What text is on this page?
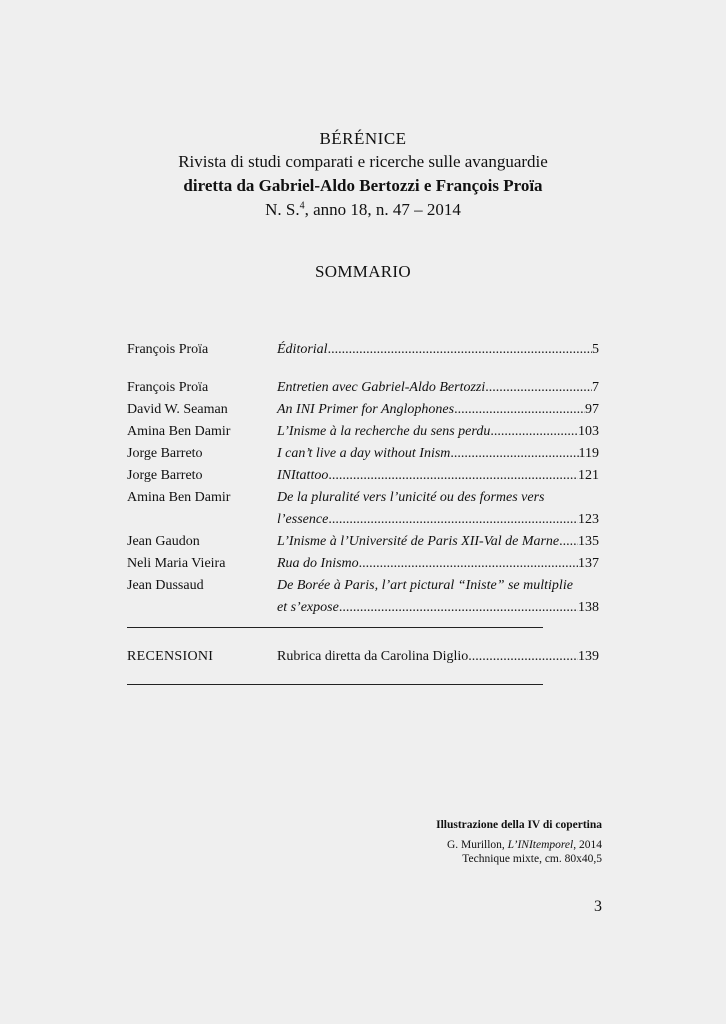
BÉRÉNICE
Rivista di studi comparati e ricerche sulle avanguardie
diretta da Gabriel-Aldo Bertozzi e François Proïa
N. S.$^4$, anno 18, n. 47 – 2014
SOMMARIO
François Proïa	Éditorial .....	5
François Proïa	Entretien avec Gabriel-Aldo Bertozzi .....	7
David W. Seaman	An INI Primer for Anglophones .....	97
Amina Ben Damir	L’Inisme à la recherche du sens perdu .....	103
Jorge Barreto	I can’t live a day without Inism .....	119
Jorge Barreto	INItattoo .....	121
Amina Ben Damir	De la pluralité vers l’unicité ou des formes vers
l’essence .....	123
Jean Gaudon	L’Inisme à l’Université de Paris XII-Val de Marne ..... 135
Neli Maria Vieira	Rua do Inismo .....	137
Jean Dussaud	De Borée à Paris, l’art pictural “Iniste” se multiplie
et s’expose .....	138
RECENSIONI	Rubrica diretta da Carolina Diglio .....	139
Illustrazione della IV di copertina
G. Murillon, L’INItemporel, 2014
Technique mixte, cm. 80x40,5
3
